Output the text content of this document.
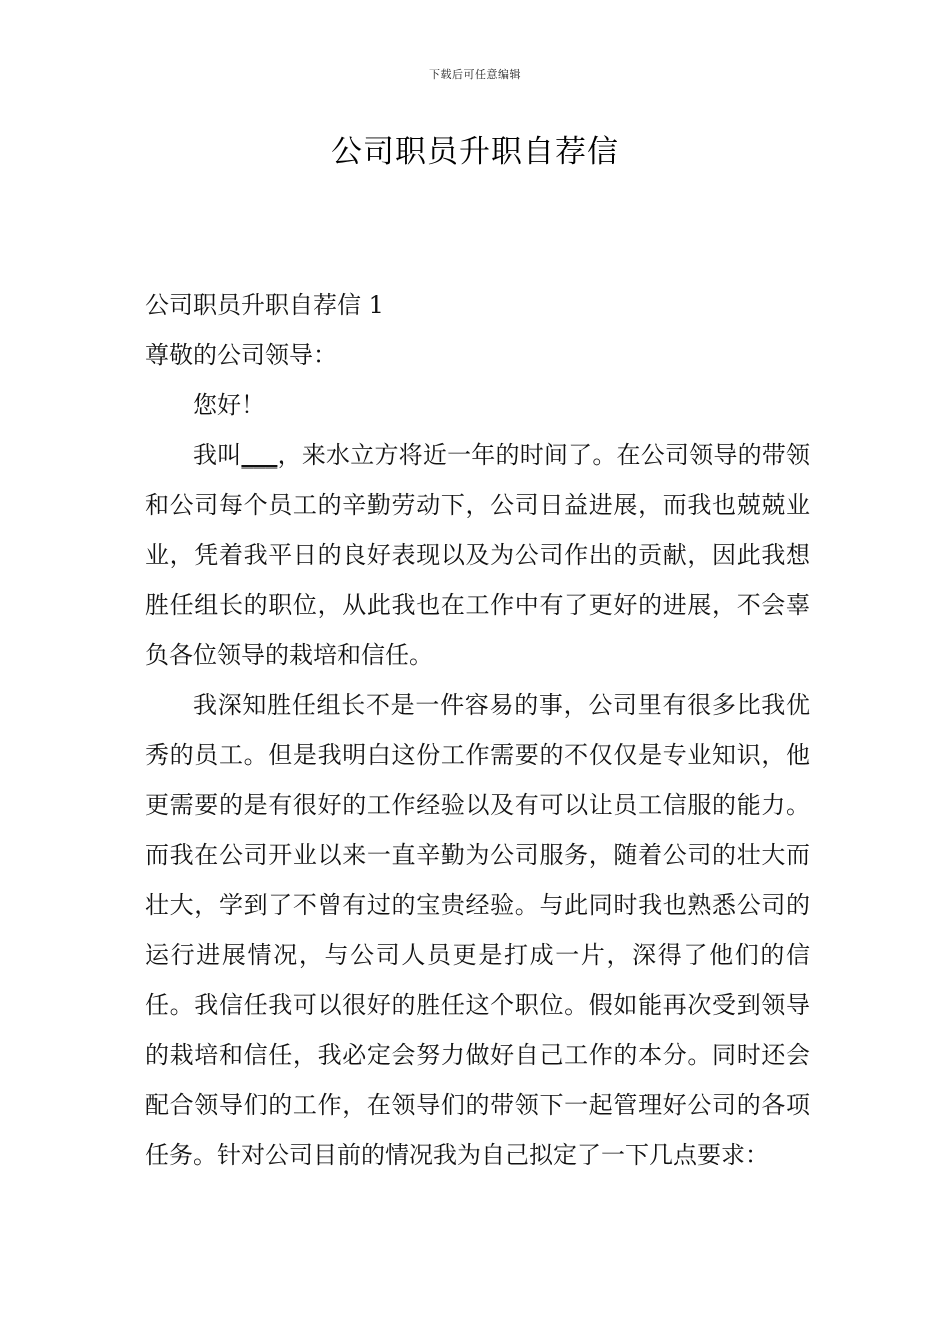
下载后可任意编辑
公司职员升职自荐信

公司职员升职自荐信 1

尊敬的公司领导：

您好！

我叫___，来水立方将近一年的时间了。在公司领导的带领和公司每个员工的辛勤劳动下，公司日益进展，而我也兢兢业业，凭着我平日的良好表现以及为公司作出的贡献，因此我想胜任组长的职位，从此我也在工作中有了更好的进展，不会辜负各位领导的栽培和信任。

我深知胜任组长不是一件容易的事，公司里有很多比我优秀的员工。但是我明白这份工作需要的不仅仅是专业知识，他更需要的是有很好的工作经验以及有可以让员工信服的能力。而我在公司开业以来一直辛勤为公司服务，随着公司的壮大而壮大，学到了不曾有过的宝贵经验。与此同时我也熟悉公司的运行进展情况，与公司人员更是打成一片，深得了他们的信任。我信任我可以很好的胜任这个职位。假如能再次受到领导的栽培和信任，我必定会努力做好自己工作的本分。同时还会配合领导们的工作，在领导们的带领下一起管理好公司的各项任务。针对公司目前的情况我为自己拟定了一下几点要求：
